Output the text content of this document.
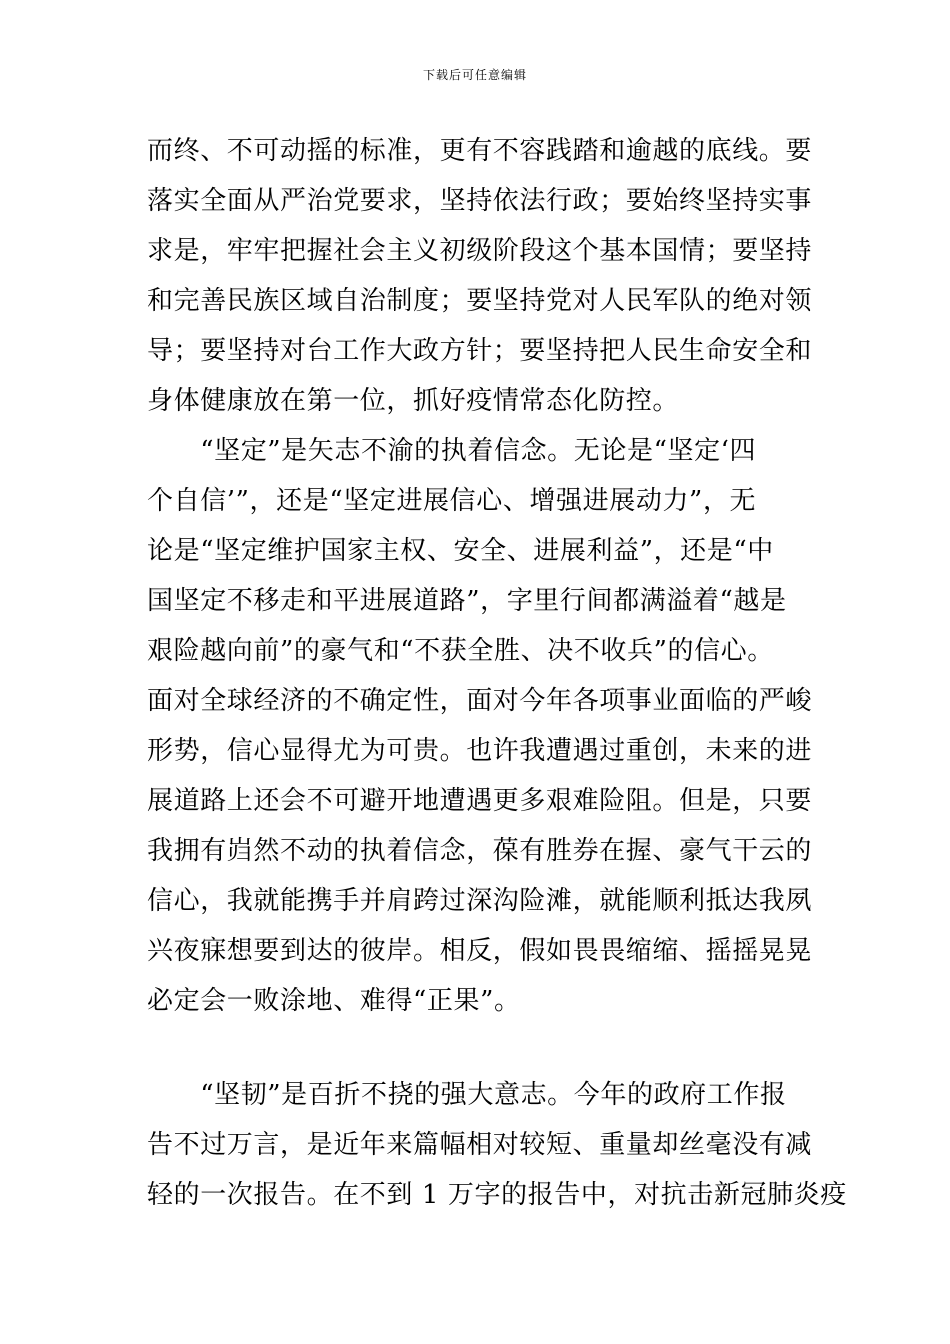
下载后可任意编辑
而终、不可动摇的标准，更有不容践踏和逾越的底线。要
落实全面从严治党要求，坚持依法行政；要始终坚持实事
求是，牢牢把握社会主义初级阶段这个基本国情；要坚持
和完善民族区域自治制度；要坚持党对人民军队的绝对领
导；要坚持对台工作大政方针；要坚持把人民生命安全和
身体健康放在第一位，抓好疫情常态化防控。
　　“坚定”是矢志不渝的执着信念。无论是“坚定‘四
个自信’”，还是“坚定进展信心、增强进展动力”，无
论是“坚定维护国家主权、安全、进展利益”，还是“中
国坚定不移走和平进展道路”，字里行间都满溢着“越是
艰险越向前”的豪气和“不获全胜、决不收兵”的信心。
面对全球经济的不确定性，面对今年各项事业面临的严峻
形势，信心显得尤为可贵。也许我遭遇过重创，未来的进
展道路上还会不可避开地遭遇更多艰难险阻。但是，只要
我拥有岿然不动的执着信念，葆有胜券在握、豪气干云的
信心，我就能携手并肩跨过深沟险滩，就能顺利抵达我夙
兴夜寐想要到达的彼岸。相反，假如畏畏缩缩、摇摇晃晃
必定会一败涂地、难得“正果”。
　　“坚韧”是百折不挠的强大意志。今年的政府工作报
告不过万言，是近年来篇幅相对较短、重量却丝毫没有减
轻的一次报告。在不到 1 万字的报告中，对抗击新冠肺炎疫
